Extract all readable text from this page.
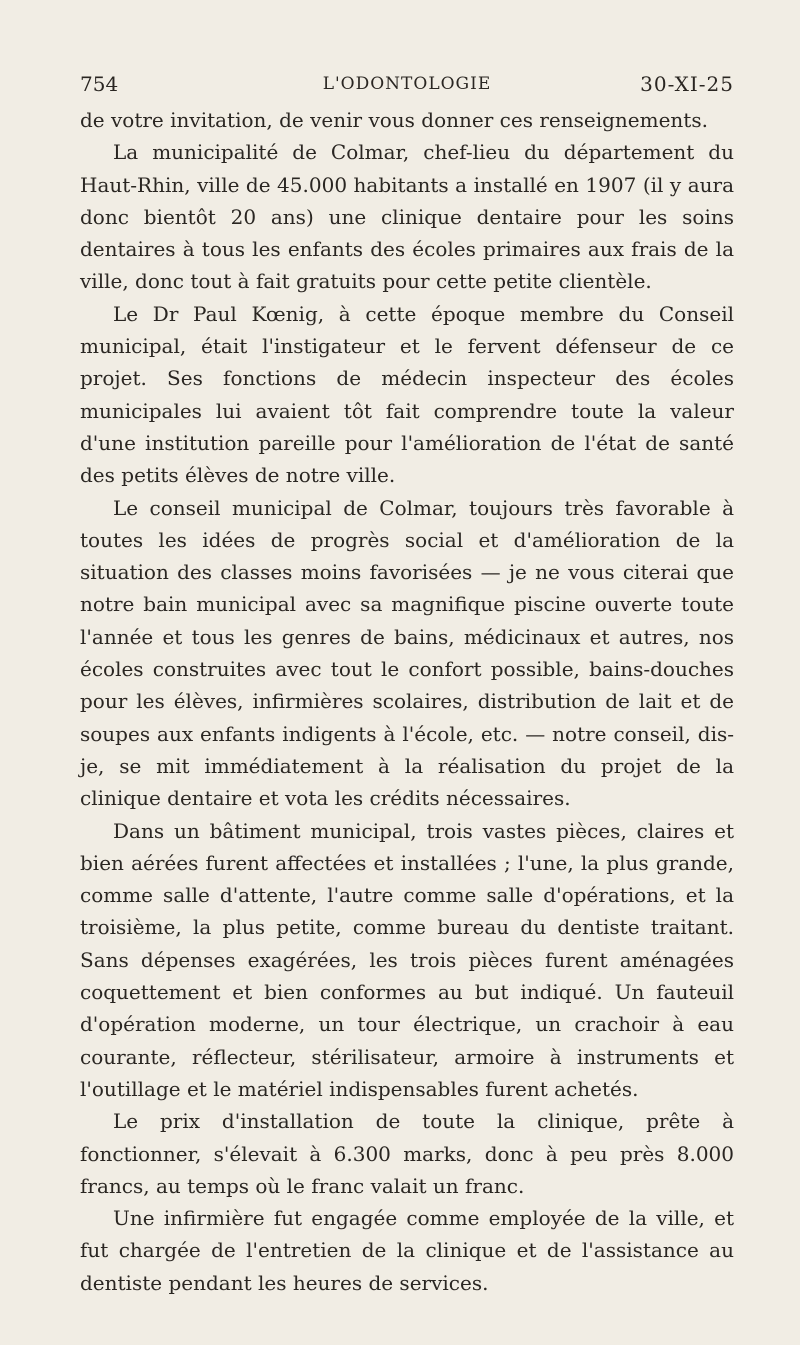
754	L'ODONTOLOGIE	30-XI-25

de votre invitation, de venir vous donner ces renseignements.

La municipalité de Colmar, chef-lieu du département du Haut-Rhin, ville de 45.000 habitants a installé en 1907 (il y aura donc bientôt 20 ans) une clinique dentaire pour les soins dentaires à tous les enfants des écoles primaires aux frais de la ville, donc tout à fait gratuits pour cette petite clientèle.

Le Dr Paul Kœnig, à cette époque membre du Conseil municipal, était l'instigateur et le fervent défenseur de ce projet. Ses fonctions de médecin inspecteur des écoles municipales lui avaient tôt fait comprendre toute la valeur d'une institution pareille pour l'amélioration de l'état de santé des petits élèves de notre ville.

Le conseil municipal de Colmar, toujours très favorable à toutes les idées de progrès social et d'amélioration de la situation des classes moins favorisées — je ne vous citerai que notre bain municipal avec sa magnifique piscine ouverte toute l'année et tous les genres de bains, médicinaux et autres, nos écoles construites avec tout le confort possible, bains-douches pour les élèves, infirmières scolaires, distribution de lait et de soupes aux enfants indigents à l'école, etc. — notre conseil, dis-je, se mit immédiatement à la réalisation du projet de la clinique dentaire et vota les crédits nécessaires.

Dans un bâtiment municipal, trois vastes pièces, claires et bien aérées furent affectées et installées ; l'une, la plus grande, comme salle d'attente, l'autre comme salle d'opérations, et la troisième, la plus petite, comme bureau du dentiste traitant. Sans dépenses exagérées, les trois pièces furent aménagées coquettement et bien conformes au but indiqué. Un fauteuil d'opération moderne, un tour électrique, un crachoir à eau courante, réflecteur, stérilisateur, armoire à instruments et l'outillage et le matériel indispensables furent achetés.

Le prix d'installation de toute la clinique, prête à fonctionner, s'élevait à 6.300 marks, donc à peu près 8.000 francs, au temps où le franc valait un franc.

Une infirmière fut engagée comme employée de la ville, et fut chargée de l'entretien de la clinique et de l'assistance au dentiste pendant les heures de services.
